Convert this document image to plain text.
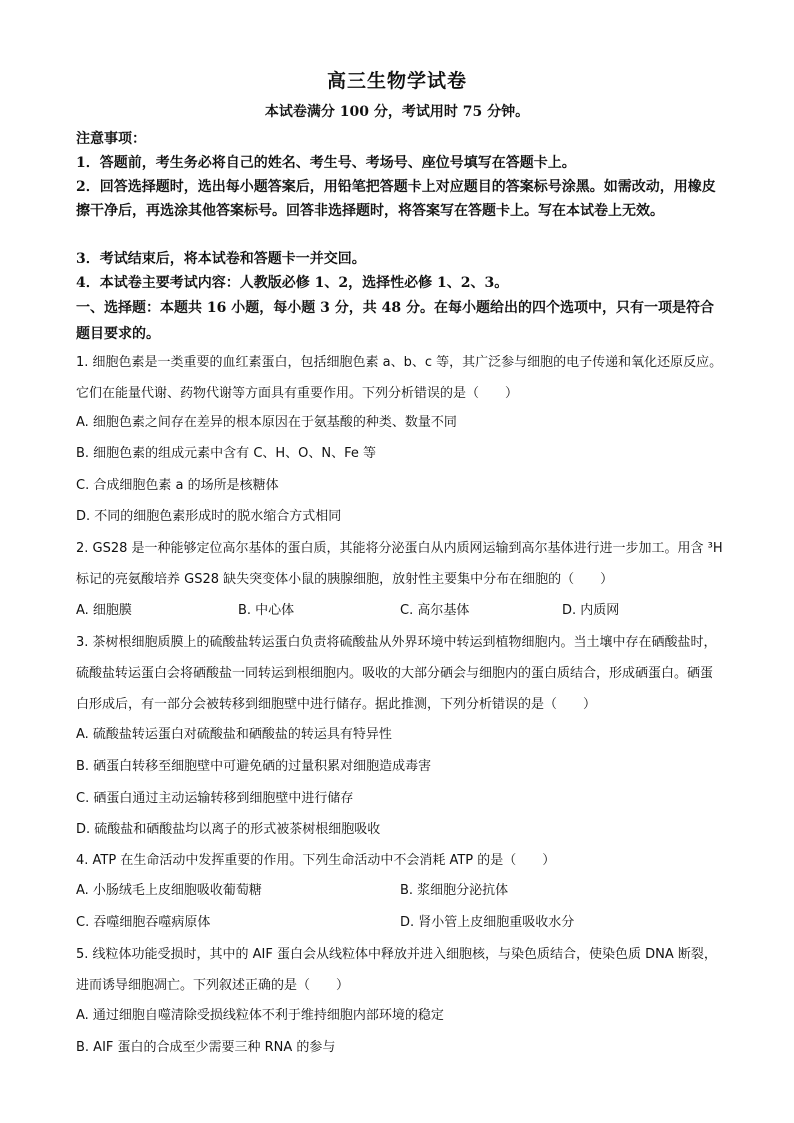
高三生物学试卷
本试卷满分 100 分，考试用时 75 分钟。
注意事项：
1．答题前，考生务必将自己的姓名、考生号、考场号、座位号填写在答题卡上。
2．回答选择题时，选出每小题答案后，用铅笔把答题卡上对应题目的答案标号涂黑。如需改动，用橡皮擦干净后，再选涂其他答案标号。回答非选择题时，将答案写在答题卡上。写在本试卷上无效。
3．考试结束后，将本试卷和答题卡一并交回。
4．本试卷主要考试内容：人教版必修 1、2，选择性必修 1、2、3。
一、选择题：本题共 16 小题，每小题 3 分，共 48 分。在每小题给出的四个选项中，只有一项是符合题目要求的。
1. 细胞色素是一类重要的血红素蛋白，包括细胞色素 a、b、c 等，其广泛参与细胞的电子传递和氧化还原反应。它们在能量代谢、药物代谢等方面具有重要作用。下列分析错误的是（　　）
A. 细胞色素之间存在差异的根本原因在于氨基酸的种类、数量不同
B. 细胞色素的组成元素中含有 C、H、O、N、Fe 等
C. 合成细胞色素 a 的场所是核糖体
D. 不同的细胞色素形成时的脱水缩合方式相同
2. GS28 是一种能够定位高尔基体的蛋白质，其能将分泌蛋白从内质网运输到高尔基体进行进一步加工。用含 ³H 标记的亮氨酸培养 GS28 缺失突变体小鼠的胰腺细胞，放射性主要集中分布在细胞的（　　）
A. 细胞膜	B. 中心体	C. 高尔基体	D. 内质网
3. 茶树根细胞质膜上的硫酸盐转运蛋白负责将硫酸盐从外界环境中转运到植物细胞内。当土壤中存在硒酸盐时，硫酸盐转运蛋白会将硒酸盐一同转运到根细胞内。吸收的大部分硒会与细胞内的蛋白质结合，形成硒蛋白。硒蛋白形成后，有一部分会被转移到细胞壁中进行储存。据此推测，下列分析错误的是（　　）
A. 硫酸盐转运蛋白对硫酸盐和硒酸盐的转运具有特异性
B. 硒蛋白转移至细胞壁中可避免硒的过量积累对细胞造成毒害
C. 硒蛋白通过主动运输转移到细胞壁中进行储存
D. 硫酸盐和硒酸盐均以离子的形式被茶树根细胞吸收
4. ATP 在生命活动中发挥重要的作用。下列生命活动中不会消耗 ATP 的是（　　）
A. 小肠绒毛上皮细胞吸收葡萄糖	B. 浆细胞分泌抗体
C. 吞噬细胞吞噬病原体	D. 肾小管上皮细胞重吸收水分
5. 线粒体功能受损时，其中的 AIF 蛋白会从线粒体中释放并进入细胞核，与染色质结合，使染色质 DNA 断裂，进而诱导细胞凋亡。下列叙述正确的是（　　）
A. 通过细胞自噬清除受损线粒体不利于维持细胞内部环境的稳定
B. AIF 蛋白的合成至少需要三种 RNA 的参与
